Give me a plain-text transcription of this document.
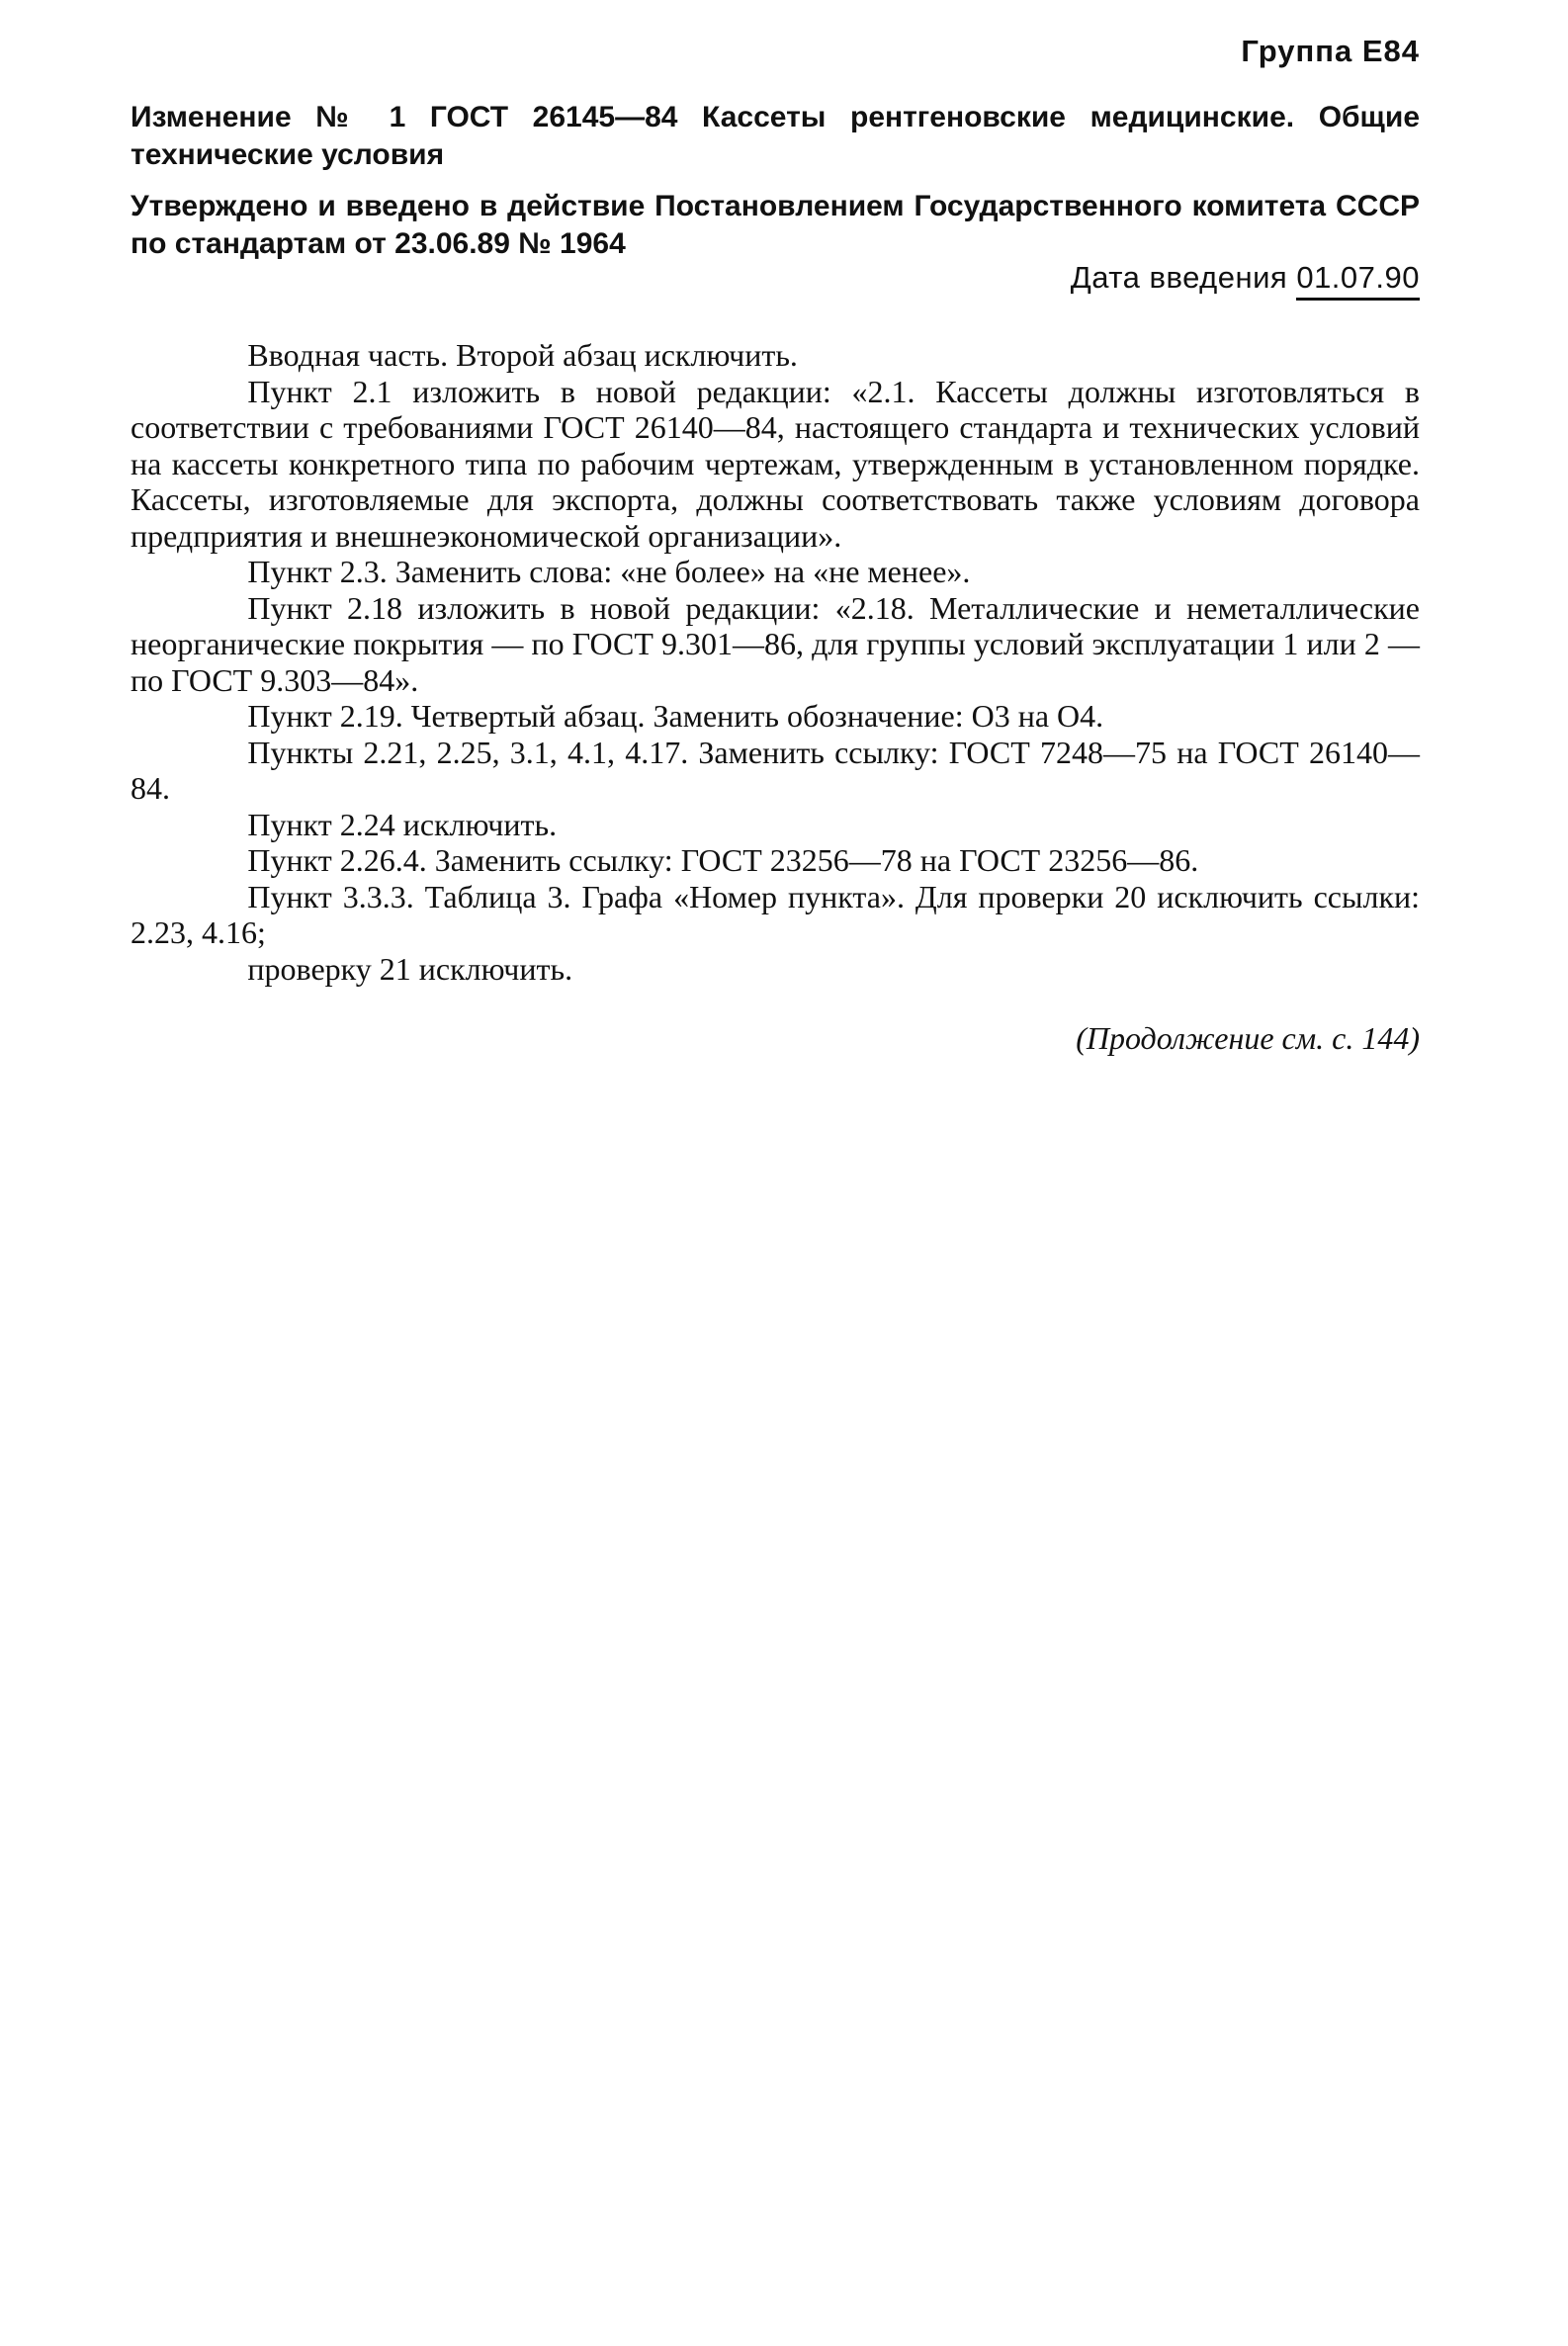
Группа Е84
Изменение № 1 ГОСТ 26145—84 Кассеты рентгеновские медицинские. Общие технические условия
Утверждено и введено в действие Постановлением Государственного комитета СССР по стандартам от 23.06.89 № 1964
Дата введения 01.07.90

Вводная часть. Второй абзац исключить.

Пункт 2.1 изложить в новой редакции: «2.1. Кассеты должны изготовляться в соответствии с требованиями ГОСТ 26140—84, настоящего стандарта и технических условий на кассеты конкретного типа по рабочим чертежам, утвержденным в установленном порядке. Кассеты, изготовляемые для экспорта, должны соответствовать также условиям договора предприятия и внешнеэкономической организации».

Пункт 2.3. Заменить слова: «не более» на «не менее».

Пункт 2.18 изложить в новой редакции: «2.18. Металлические и неметаллические неорганические покрытия — по ГОСТ 9.301—86, для группы условий эксплуатации 1 или 2 — по ГОСТ 9.303—84».

Пункт 2.19. Четвертый абзац. Заменить обозначение: О3 на О4.

Пункты 2.21, 2.25, 3.1, 4.1, 4.17. Заменить ссылку: ГОСТ 7248—75 на ГОСТ 26140—84.

Пункт 2.24 исключить.

Пункт 2.26.4. Заменить ссылку: ГОСТ 23256—78 на ГОСТ 23256—86.

Пункт 3.3.3. Таблица 3. Графа «Номер пункта». Для проверки 20 исключить ссылки: 2.23, 4.16;

проверку 21 исключить.

(Продолжение см. с. 144)
